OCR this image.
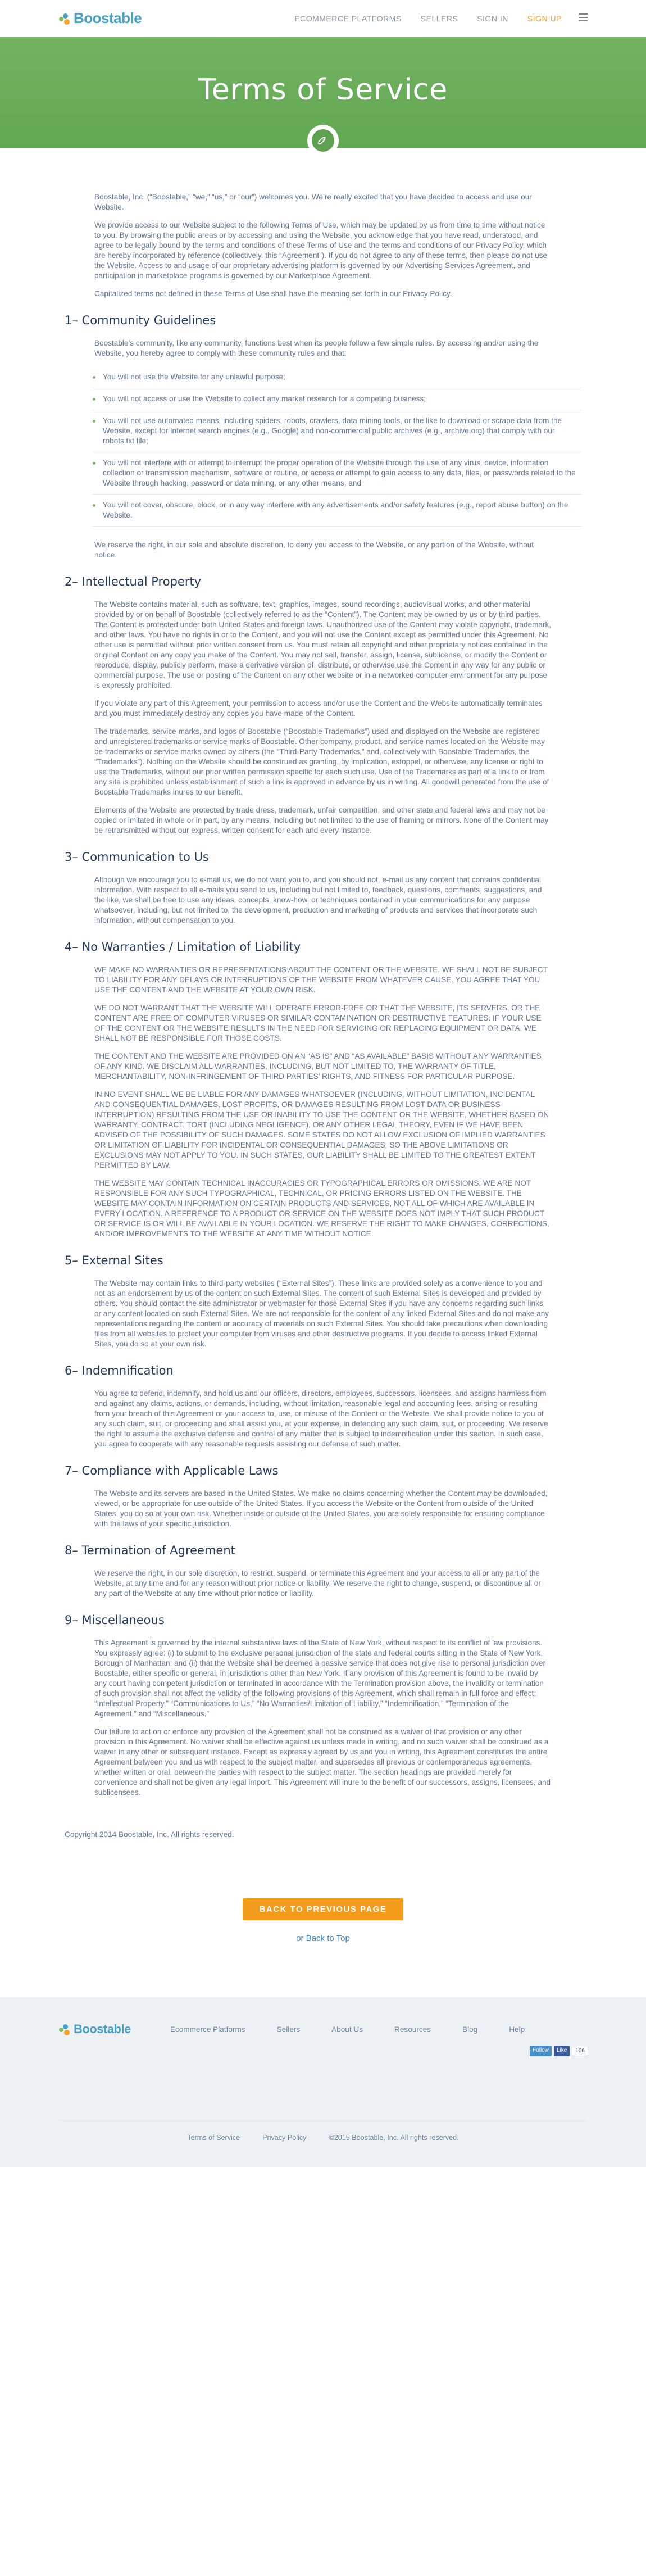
Boostable	ECOMMERCE PLATFORMS SELLERS SIGN IN SIGN UP
Terms of Service

Boostable, Inc. (“Boostable,” “we,” “us,” or “our”) welcomes you. We’re really excited that you have decided to access and use our Website.

We provide access to our Website subject to the following Terms of Use, which may be updated by us from time to time without notice to you. By browsing the public areas or by accessing and using the Website, you acknowledge that you have read, understood, and agree to be legally bound by the terms and conditions of these Terms of Use and the terms and conditions of our Privacy Policy, which are hereby incorporated by reference (collectively, this “Agreement”). If you do not agree to any of these terms, then please do not use the Website. Access to and usage of our proprietary advertising platform is governed by our Advertising Services Agreement, and participation in marketplace programs is governed by our Marketplace Agreement.

Capitalized terms not defined in these Terms of Use shall have the meaning set forth in our Privacy Policy.

1– Community Guidelines

Boostable’s community, like any community, functions best when its people follow a few simple rules. By accessing and/or using the Website, you hereby agree to comply with these community rules and that:

You will not use the Website for any unlawful purpose;
You will not access or use the Website to collect any market research for a competing business;
You will not use automated means, including spiders, robots, crawlers, data mining tools, or the like to download or scrape data from the Website, except for Internet search engines (e.g., Google) and non-commercial public archives (e.g., archive.org) that comply with our robots.txt file;
You will not interfere with or attempt to interrupt the proper operation of the Website through the use of any virus, device, information collection or transmission mechanism, software or routine, or access or attempt to gain access to any data, files, or passwords related to the Website through hacking, password or data mining, or any other means; and
You will not cover, obscure, block, or in any way interfere with any advertisements and/or safety features (e.g., report abuse button) on the Website.

We reserve the right, in our sole and absolute discretion, to deny you access to the Website, or any portion of the Website, without notice.

2– Intellectual Property

The Website contains material, such as software, text, graphics, images, sound recordings, audiovisual works, and other material provided by or on behalf of Boostable (collectively referred to as the “Content”). The Content may be owned by us or by third parties. The Content is protected under both United States and foreign laws. Unauthorized use of the Content may violate copyright, trademark, and other laws. You have no rights in or to the Content, and you will not use the Content except as permitted under this Agreement. No other use is permitted without prior written consent from us. You must retain all copyright and other proprietary notices contained in the original Content on any copy you make of the Content. You may not sell, transfer, assign, license, sublicense, or modify the Content or reproduce, display, publicly perform, make a derivative version of, distribute, or otherwise use the Content in any way for any public or commercial purpose. The use or posting of the Content on any other website or in a networked computer environment for any purpose is expressly prohibited.

If you violate any part of this Agreement, your permission to access and/or use the Content and the Website automatically terminates and you must immediately destroy any copies you have made of the Content.

The trademarks, service marks, and logos of Boostable (“Boostable Trademarks”) used and displayed on the Website are registered and unregistered trademarks or service marks of Boostable. Other company, product, and service names located on the Website may be trademarks or service marks owned by others (the “Third-Party Trademarks,” and, collectively with Boostable Trademarks, the “Trademarks”). Nothing on the Website should be construed as granting, by implication, estoppel, or otherwise, any license or right to use the Trademarks, without our prior written permission specific for each such use. Use of the Trademarks as part of a link to or from any site is prohibited unless establishment of such a link is approved in advance by us in writing. All goodwill generated from the use of Boostable Trademarks inures to our benefit.

Elements of the Website are protected by trade dress, trademark, unfair competition, and other state and federal laws and may not be copied or imitated in whole or in part, by any means, including but not limited to the use of framing or mirrors. None of the Content may be retransmitted without our express, written consent for each and every instance.

3– Communication to Us

Although we encourage you to e-mail us, we do not want you to, and you should not, e-mail us any content that contains confidential information. With respect to all e-mails you send to us, including but not limited to, feedback, questions, comments, suggestions, and the like, we shall be free to use any ideas, concepts, know-how, or techniques contained in your communications for any purpose whatsoever, including, but not limited to, the development, production and marketing of products and services that incorporate such information, without compensation to you.

4– No Warranties / Limitation of Liability

WE MAKE NO WARRANTIES OR REPRESENTATIONS ABOUT THE CONTENT OR THE WEBSITE. WE SHALL NOT BE SUBJECT TO LIABILITY FOR ANY DELAYS OR INTERRUPTIONS OF THE WEBSITE FROM WHATEVER CAUSE. YOU AGREE THAT YOU USE THE CONTENT AND THE WEBSITE AT YOUR OWN RISK.

WE DO NOT WARRANT THAT THE WEBSITE WILL OPERATE ERROR-FREE OR THAT THE WEBSITE, ITS SERVERS, OR THE CONTENT ARE FREE OF COMPUTER VIRUSES OR SIMILAR CONTAMINATION OR DESTRUCTIVE FEATURES. IF YOUR USE OF THE CONTENT OR THE WEBSITE RESULTS IN THE NEED FOR SERVICING OR REPLACING EQUIPMENT OR DATA, WE SHALL NOT BE RESPONSIBLE FOR THOSE COSTS.

THE CONTENT AND THE WEBSITE ARE PROVIDED ON AN “AS IS” AND “AS AVAILABLE” BASIS WITHOUT ANY WARRANTIES OF ANY KIND. WE DISCLAIM ALL WARRANTIES, INCLUDING, BUT NOT LIMITED TO, THE WARRANTY OF TITLE, MERCHANTABILITY, NON-INFRINGEMENT OF THIRD PARTIES’ RIGHTS, AND FITNESS FOR PARTICULAR PURPOSE.

IN NO EVENT SHALL WE BE LIABLE FOR ANY DAMAGES WHATSOEVER (INCLUDING, WITHOUT LIMITATION, INCIDENTAL AND CONSEQUENTIAL DAMAGES, LOST PROFITS, OR DAMAGES RESULTING FROM LOST DATA OR BUSINESS INTERRUPTION) RESULTING FROM THE USE OR INABILITY TO USE THE CONTENT OR THE WEBSITE, WHETHER BASED ON WARRANTY, CONTRACT, TORT (INCLUDING NEGLIGENCE), OR ANY OTHER LEGAL THEORY, EVEN IF WE HAVE BEEN ADVISED OF THE POSSIBILITY OF SUCH DAMAGES. SOME STATES DO NOT ALLOW EXCLUSION OF IMPLIED WARRANTIES OR LIMITATION OF LIABILITY FOR INCIDENTAL OR CONSEQUENTIAL DAMAGES, SO THE ABOVE LIMITATIONS OR EXCLUSIONS MAY NOT APPLY TO YOU. IN SUCH STATES, OUR LIABILITY SHALL BE LIMITED TO THE GREATEST EXTENT PERMITTED BY LAW.

THE WEBSITE MAY CONTAIN TECHNICAL INACCURACIES OR TYPOGRAPHICAL ERRORS OR OMISSIONS. WE ARE NOT RESPONSIBLE FOR ANY SUCH TYPOGRAPHICAL, TECHNICAL, OR PRICING ERRORS LISTED ON THE WEBSITE. THE WEBSITE MAY CONTAIN INFORMATION ON CERTAIN PRODUCTS AND SERVICES, NOT ALL OF WHICH ARE AVAILABLE IN EVERY LOCATION. A REFERENCE TO A PRODUCT OR SERVICE ON THE WEBSITE DOES NOT IMPLY THAT SUCH PRODUCT OR SERVICE IS OR WILL BE AVAILABLE IN YOUR LOCATION. WE RESERVE THE RIGHT TO MAKE CHANGES, CORRECTIONS, AND/OR IMPROVEMENTS TO THE WEBSITE AT ANY TIME WITHOUT NOTICE.

5– External Sites

The Website may contain links to third-party websites (“External Sites”). These links are provided solely as a convenience to you and not as an endorsement by us of the content on such External Sites. The content of such External Sites is developed and provided by others. You should contact the site administrator or webmaster for those External Sites if you have any concerns regarding such links or any content located on such External Sites. We are not responsible for the content of any linked External Sites and do not make any representations regarding the content or accuracy of materials on such External Sites. You should take precautions when downloading files from all websites to protect your computer from viruses and other destructive programs. If you decide to access linked External Sites, you do so at your own risk.

6– Indemnification

You agree to defend, indemnify, and hold us and our officers, directors, employees, successors, licensees, and assigns harmless from and against any claims, actions, or demands, including, without limitation, reasonable legal and accounting fees, arising or resulting from your breach of this Agreement or your access to, use, or misuse of the Content or the Website. We shall provide notice to you of any such claim, suit, or proceeding and shall assist you, at your expense, in defending any such claim, suit, or proceeding. We reserve the right to assume the exclusive defense and control of any matter that is subject to indemnification under this section. In such case, you agree to cooperate with any reasonable requests assisting our defense of such matter.

7– Compliance with Applicable Laws

The Website and its servers are based in the United States. We make no claims concerning whether the Content may be downloaded, viewed, or be appropriate for use outside of the United States. If you access the Website or the Content from outside of the United States, you do so at your own risk. Whether inside or outside of the United States, you are solely responsible for ensuring compliance with the laws of your specific jurisdiction.

8– Termination of Agreement

We reserve the right, in our sole discretion, to restrict, suspend, or terminate this Agreement and your access to all or any part of the Website, at any time and for any reason without prior notice or liability. We reserve the right to change, suspend, or discontinue all or any part of the Website at any time without prior notice or liability.

9– Miscellaneous

This Agreement is governed by the internal substantive laws of the State of New York, without respect to its conflict of law provisions. You expressly agree: (i) to submit to the exclusive personal jurisdiction of the state and federal courts sitting in the State of New York, Borough of Manhattan; and (ii) that the Website shall be deemed a passive service that does not give rise to personal jurisdiction over Boostable, either specific or general, in jurisdictions other than New York. If any provision of this Agreement is found to be invalid by any court having competent jurisdiction or terminated in accordance with the Termination provision above, the invalidity or termination of such provision shall not affect the validity of the following provisions of this Agreement, which shall remain in full force and effect: “Intellectual Property,” “Communications to Us,” “No Warranties/Limitation of Liability,” “Indemnification,” “Termination of the Agreement,” and “Miscellaneous.”

Our failure to act on or enforce any provision of the Agreement shall not be construed as a waiver of that provision or any other provision in this Agreement. No waiver shall be effective against us unless made in writing, and no such waiver shall be construed as a waiver in any other or subsequent instance. Except as expressly agreed by us and you in writing, this Agreement constitutes the entire Agreement between you and us with respect to the subject matter, and supersedes all previous or contemporaneous agreements, whether written or oral, between the parties with respect to the subject matter. The section headings are provided merely for convenience and shall not be given any legal import. This Agreement will inure to the benefit of our successors, assigns, licensees, and sublicensees.

Copyright 2014 Boostable, Inc. All rights reserved.

BACK TO PREVIOUS PAGE
or Back to Top
Boostable	Ecommerce Platforms	Sellers	About Us	Resources	Blog	Help
Follow	Like	106
Terms of Service	Privacy Policy	©2015 Boostable, Inc. All rights reserved.
